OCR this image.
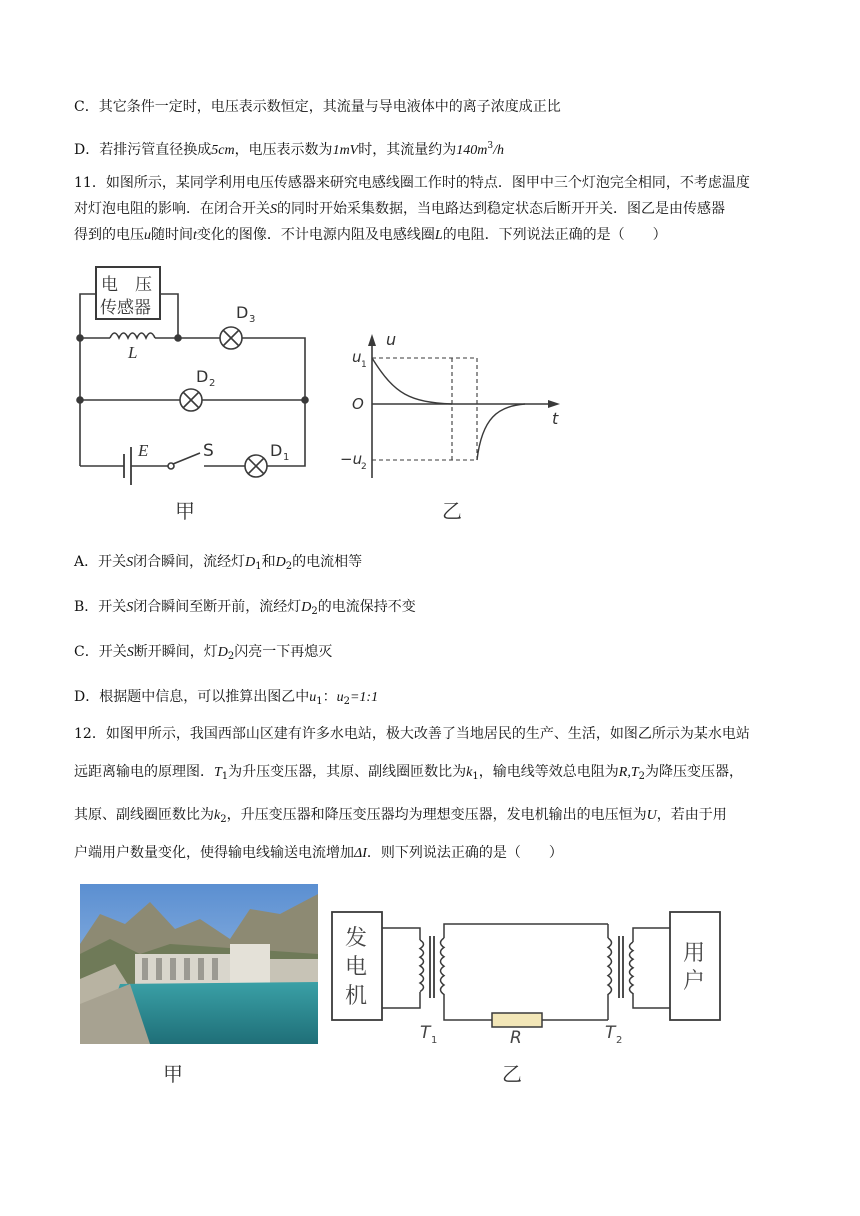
C．其它条件一定时，电压表示数恒定，其流量与导电液体中的离子浓度成正比
D．若排污管直径换成5cm，电压表示数为1mV时，其流量约为$140m^3/h$
11．如图所示，某同学利用电压传感器来研究电感线圈工作时的特点．图甲中三个灯泡完全相同，不考虑温度
对灯泡电阻的影响．在闭合开关S的同时开始采集数据，当电路达到稳定状态后断开开关．图乙是由传感器
得到的电压u随时间t变化的图像．不计电源内阻及电感线圈L的电阻．下列说法正确的是（　　）
电　压
传感器
L
D 3
D 2
E	S	D 1
甲
u
t
u 1
O
−u
2
乙
A．开关S闭合瞬间，流经灯$D_1$和$D_2$的电流相等
B．开关S闭合瞬间至断开前，流经灯$D_2$的电流保持不变
C．开关S断开瞬间，灯$D_2$闪亮一下再熄灭
D．根据题中信息，可以推算出图乙中$u_1$：$u_2=1:1$
12．如图甲所示，我国西部山区建有许多水电站，极大改善了当地居民的生产、生活，如图乙所示为某水电站
远距离输电的原理图．$T_1$为升压变压器，其原、副线圈匝数比为$k_1$，输电线等效总电阻为$R,T_2$为降压变压器，
其原、副线圈匝数比为$k_2$，升压变压器和降压变压器均为理想变压器，发电机输出的电压恒为U，若由于用
户端用户数量变化，使得输电线输送电流增加ΔI．则下列说法正确的是（　　）
发
电
机
用
户
T 1	R	T 2
甲	乙
